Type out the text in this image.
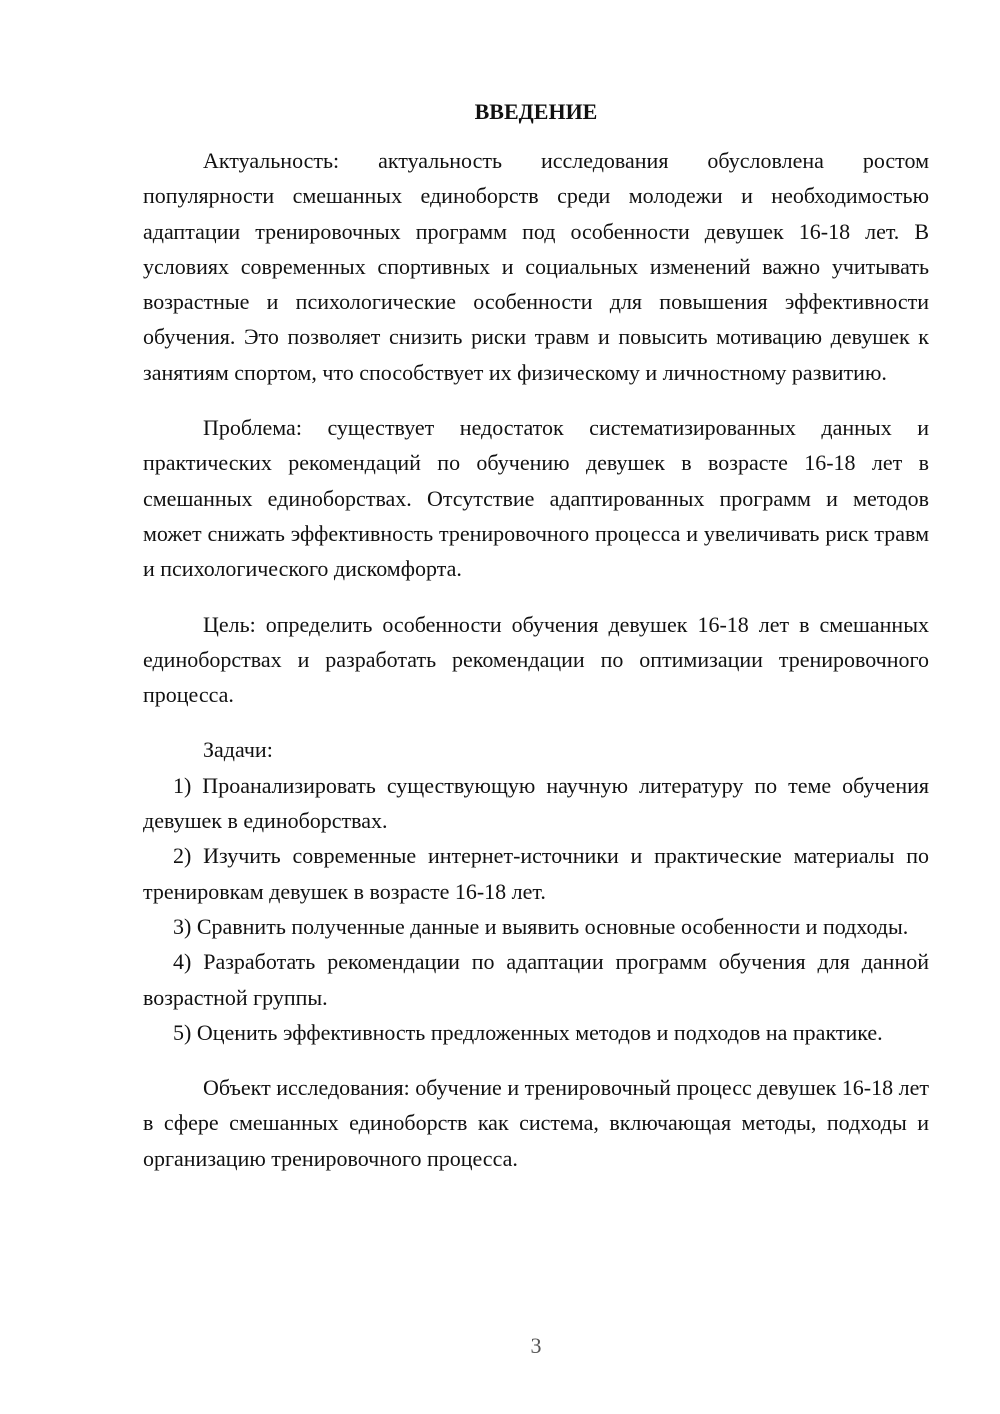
ВВЕДЕНИЕ

Актуальность: актуальность исследования обусловлена ростом популярности смешанных единоборств среди молодежи и необходимостью адаптации тренировочных программ под особенности девушек 16-18 лет. В условиях современных спортивных и социальных изменений важно учитывать возрастные и психологические особенности для повышения эффективности обучения. Это позволяет снизить риски травм и повысить мотивацию девушек к занятиям спортом, что способствует их физическому и личностному развитию.

Проблема: существует недостаток систематизированных данных и практических рекомендаций по обучению девушек в возрасте 16-18 лет в смешанных единоборствах. Отсутствие адаптированных программ и методов может снижать эффективность тренировочного процесса и увеличивать риск травм и психологического дискомфорта.

Цель: определить особенности обучения девушек 16-18 лет в смешанных единоборствах и разработать рекомендации по оптимизации тренировочного процесса.

Задачи:

1) Проанализировать существующую научную литературу по теме обучения девушек в единоборствах.

2) Изучить современные интернет-источники и практические материалы по тренировкам девушек в возрасте 16-18 лет.

3) Сравнить полученные данные и выявить основные особенности и подходы.

4) Разработать рекомендации по адаптации программ обучения для данной возрастной группы.

5) Оценить эффективность предложенных методов и подходов на практике.

Объект исследования: обучение и тренировочный процесс девушек 16-18 лет в сфере смешанных единоборств как система, включающая методы, подходы и организацию тренировочного процесса.

3
